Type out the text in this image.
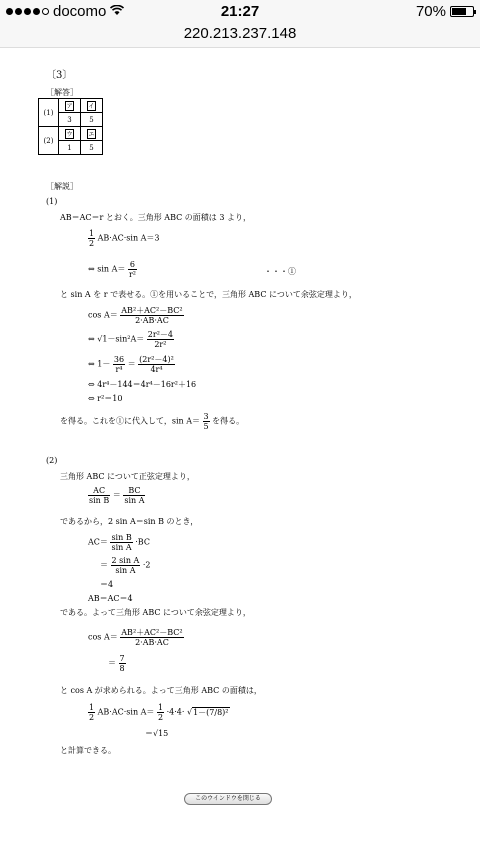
docomo	21:27	70%
220.213.237.148
〔3〕
［解答］
(1)	ア	イ
	3	5
(2)	ウ	エ
	1	5
［解説］
(1)
AB＝AC＝r とおく。三角形 ABC の面積は 3 より，
$\frac{1}{2} AB\cdot AC\cdot\sin$ A＝3
⇔ $\sin A= \frac{6}{\text{r²}}$	・・・①
と sin A を r で表せる。①を用いることで，三角形 ABC について余弦定理より，
$\cos A= \frac{\text{AB²＋AC²－BC²}}{2\cdot AB\cdot AC}$
⇔ $√1-\sin^2A= \frac{\text{2r²－4}}{\text{2r²}}$
⇔ $1- \frac{36}{\text{r⁴}} = \frac{\text{(2r²－4)²}}{\text{4r⁴}}$
⇔ 4r⁴－144＝4r⁴－16r²＋16
⇔ r²＝10
を得る。これを①に代入して，$\sin A= \frac{3}{5}$ を得る。
(2)
三角形 ABC について正弦定理より，
$\frac{AC}{\text{sin B}} = \frac{BC}{\text{sin A}}$
であるから，2 sin A＝sin B のとき，
$AC= \frac{\text{sin B}}{\text{sin A}} \cdot BC$
＝ $\frac{\text{2 sin A}}{\text{sin A}} \cdot 2$
＝4
AB＝AC＝4
である。よって三角形 ABC について余弦定理より，
$\cos A= \frac{\text{AB²＋AC²－BC²}}{2\cdot AB\cdot AC}$
＝ $\frac{7}{8}$
と cos A が求められる。よって三角形 ABC の面積は，
$\frac{1}{2} AB\cdot AC\cdot\sin$ $A= \frac{1}{2} \cdot 4\cdot 4\cdot √1-(7/8)^2$
＝√15
と計算できる。
このウインドウを閉じる
